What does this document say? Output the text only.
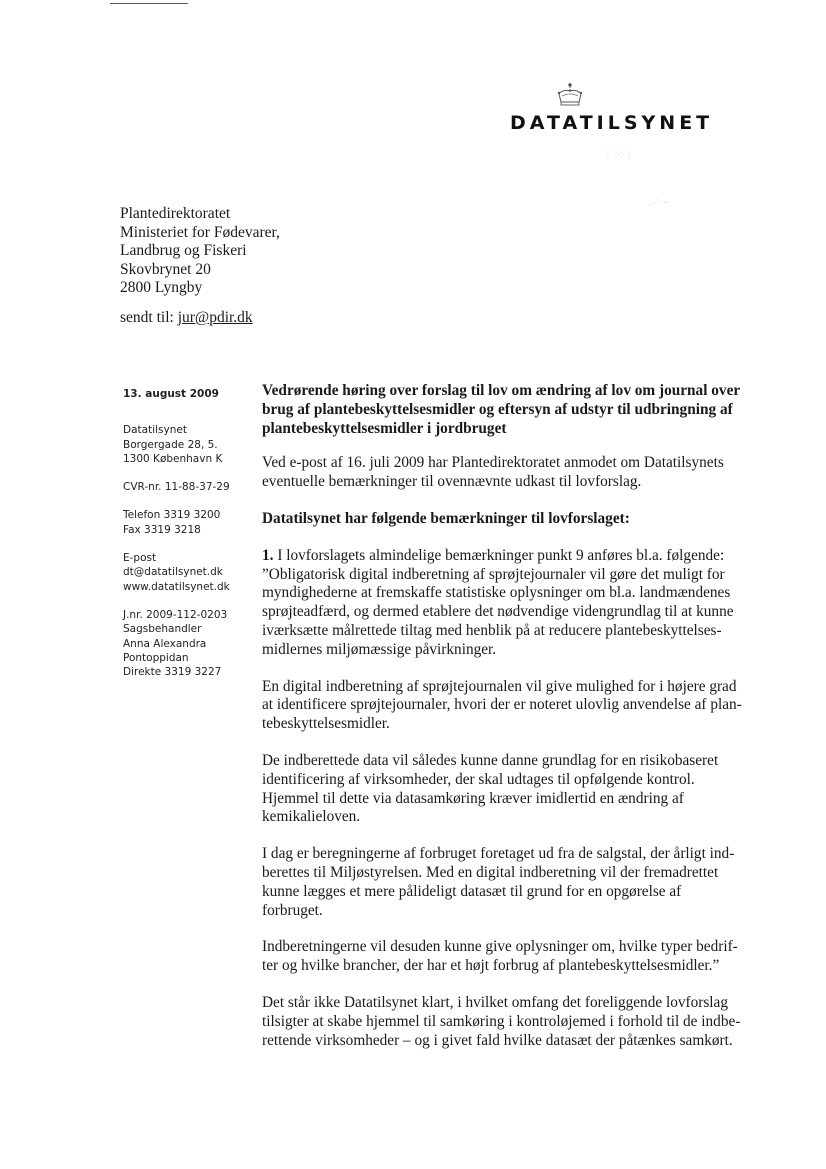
DATATILSYNET
⋮ ⋰ ⋮
⋰ ⋯
Plantedirektoratet
Ministeriet for Fødevarer,
Landbrug og Fiskeri
Skovbrynet 20
2800 Lyngby
sendt til: jur@pdir.dk
13. august 2009
Datatilsynet
Borgergade 28, 5.
1300 København K
CVR-nr. 11-88-37-29
Telefon 3319 3200
Fax 3319 3218
E-post
dt@datatilsynet.dk
www.datatilsynet.dk
J.nr. 2009-112-0203
Sagsbehandler
Anna Alexandra
Pontoppidan
Direkte 3319 3227
Vedrørende høring over forslag til lov om ændring af lov om journal over brug af plantebeskyttelsesmidler og eftersyn af udstyr til udbringning af plantebeskyttelsesmidler i jordbruget

Ved e-post af 16. juli 2009 har Plantedirektoratet anmodet om Datatilsynets eventuelle bemærkninger til ovennævnte udkast til lovforslag.

Datatilsynet har følgende bemærkninger til lovforslaget:

1. I lovforslagets almindelige bemærkninger punkt 9 anføres bl.a. følgende: ”Obligatorisk digital indberetning af sprøjtejournaler vil gøre det muligt for myndighederne at fremskaffe statistiske oplysninger om bl.a. landmændenes sprøjteadfærd, og dermed etablere det nødvendige videngrundlag til at kunne iværksætte målrettede tiltag med henblik på at reducere plantebeskyttelses-midlernes miljømæssige påvirkninger.

En digital indberetning af sprøjtejournalen vil give mulighed for i højere grad at identificere sprøjtejournaler, hvori der er noteret ulovlig anvendelse af plan-tebeskyttelsesmidler.

De indberettede data vil således kunne danne grundlag for en risikobaseret identificering af virksomheder, der skal udtages til opfølgende kontrol. Hjemmel til dette via datasamkøring kræver imidlertid en ændring af kemikalieloven.

I dag er beregningerne af forbruget foretaget ud fra de salgstal, der årligt ind-berettes til Miljøstyrelsen. Med en digital indberetning vil der fremadrettet kunne lægges et mere pålideligt datasæt til grund for en opgørelse af forbruget.

Indberetningerne vil desuden kunne give oplysninger om, hvilke typer bedrif-ter og hvilke brancher, der har et højt forbrug af plantebeskyttelsesmidler.”

Det står ikke Datatilsynet klart, i hvilket omfang det foreliggende lovforslag tilsigter at skabe hjemmel til samkøring i kontroløjemed i forhold til de indbe-rettende virksomheder – og i givet fald hvilke datasæt der påtænkes samkørt.
